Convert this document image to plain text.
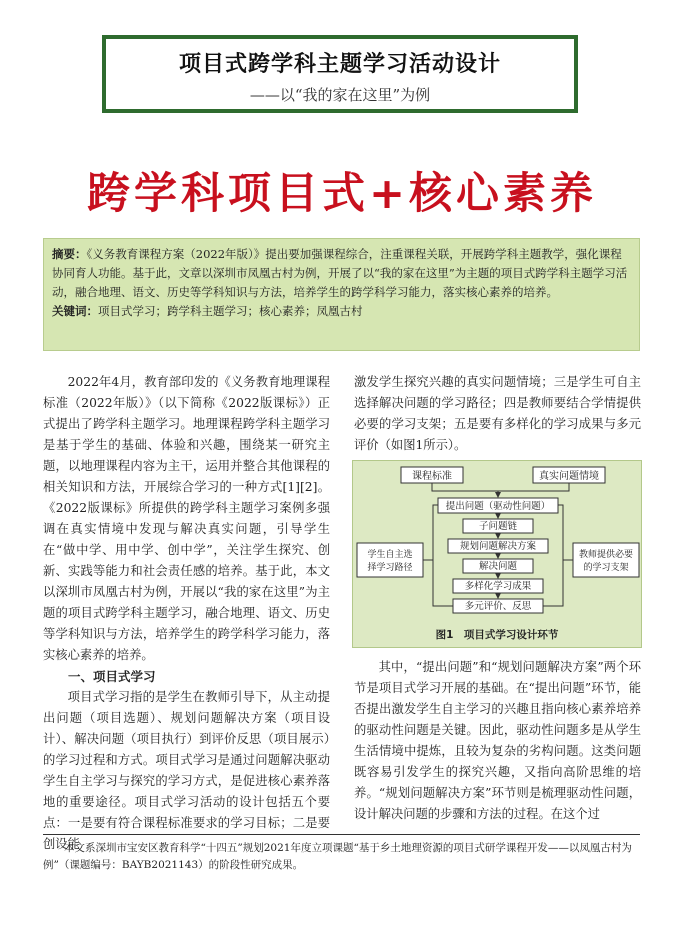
项目式跨学科主题学习活动设计
——以“我的家在这里”为例
跨学科项目式+核心素养
摘要：《义务教育课程方案（2022年版）》提出要加强课程综合，注重课程关联，开展跨学科主题教学，强化课程协同育人功能。基于此，文章以深圳市凤凰古村为例，开展了以“我的家在这里”为主题的项目式跨学科主题学习活动，融合地理、语文、历史等学科知识与方法，培养学生的跨学科学习能力，落实核心素养的培养。
关键词：项目式学习；跨学科主题学习；核心素养；凤凰古村

2022年4月，教育部印发的《义务教育地理课程标准（2022年版）》（以下简称《2022版课标》）正式提出了跨学科主题学习。地理课程跨学科主题学习是基于学生的基础、体验和兴趣，围绕某一研究主题，以地理课程内容为主干，运用并整合其他课程的相关知识和方法，开展综合学习的一种方式[1][2]。《2022版课标》所提供的跨学科主题学习案例多强调在真实情境中发现与解决真实问题，引导学生在“做中学、用中学、创中学”，关注学生探究、创新、实践等能力和社会责任感的培养。基于此，本文以深圳市凤凰古村为例，开展以“我的家在这里”为主题的项目式跨学科主题学习，融合地理、语文、历史等学科知识与方法，培养学生的跨学科学习能力，落实核心素养的培养。

一、项目式学习

项目式学习指的是学生在教师引导下，从主动提出问题（项目选题）、规划问题解决方案（项目设计）、解决问题（项目执行）到评价反思（项目展示）的学习过程和方式。项目式学习是通过问题解决驱动学生自主学习与探究的学习方式，是促进核心素养落地的重要途径。项目式学习活动的设计包括五个要点：一是要有符合课程标准要求的学习目标；二是要创设能

激发学生探究兴趣的真实问题情境；三是学生可自主选择解决问题的学习路径；四是教师要结合学情提供必要的学习支架；五是要有多样化的学习成果与多元评价（如图1所示）。

课程标准	真实问题情境
提出问题（驱动性问题）
子问题链
规划问题解决方案
解决问题
多样化学习成果
多元评价、反思
学生自主选
择学习路径
教师提供必要
的学习支架
图1　项目式学习设计环节

其中，“提出问题”和“规划问题解决方案”两个环节是项目式学习开展的基础。在“提出问题”环节，能否提出激发学生自主学习的兴趣且指向核心素养培养的驱动性问题是关键。因此，驱动性问题多是从学生生活情境中提炼，且较为复杂的劣构问题。这类问题既容易引发学生的探究兴趣，又指向高阶思维的培养。“规划问题解决方案”环节则是梳理驱动性问题，设计解决问题的步骤和方法的过程。在这个过

本文系深圳市宝安区教育科学“十四五”规划2021年度立项课题“基于乡土地理资源的项目式研学课程开发——以凤凰古村为例”（课题编号：BAYB2021143）的阶段性研究成果。
